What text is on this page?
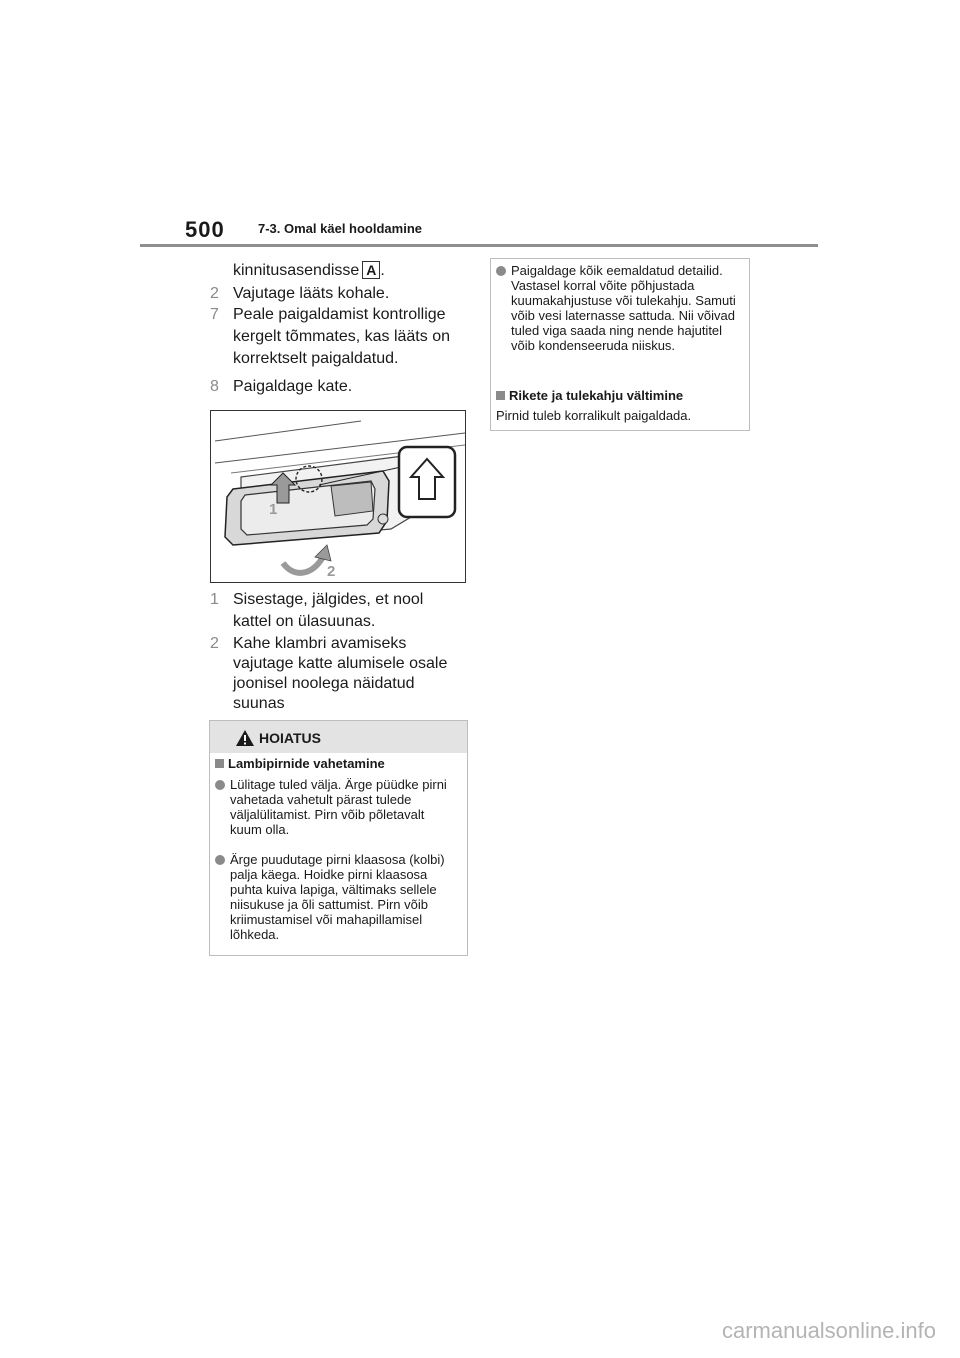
500	7-3. Omal käel hooldamine
kinnitusasendisse A .
2 Vajutage lääts kohale.
7 Peale paigaldamist kontrollige kergelt tõmmates, kas lääts on korrektselt paigaldatud.
8 Paigaldage kate.
1
2
1 Sisestage, jälgides, et nool kattel on ülasuunas.
2 Kahe klambri avamiseks vajutage katte alumisele osale joonisel noolega näidatud suunas
HOIATUS
Lambipirnide vahetamine
Lülitage tuled välja. Ärge püüdke pirni vahetada vahetult pärast tulede väljalülitamist. Pirn võib põletavalt kuum olla.
Ärge puudutage pirni klaasosa (kolbi) palja käega. Hoidke pirni klaasosa puhta kuiva lapiga, vältimaks sellele niisukuse ja õli sattumist. Pirn võib kriimustamisel või mahapillamisel lõhkeda.
Paigaldage kõik eemaldatud detailid. Vastasel korral võite põhjustada kuumakahjustuse või tulekahju. Samuti võib vesi laternasse sattuda. Nii võivad tuled viga saada ning nende hajutitel võib kondenseeruda niiskus.
Rikete ja tulekahju vältimine
Pirnid tuleb korralikult paigaldada.
carmanualsonline.info
